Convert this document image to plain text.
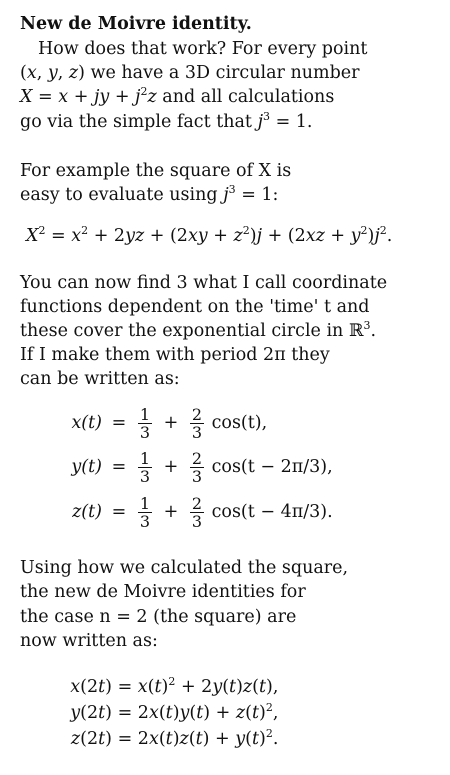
New de Moivre identity.
How does that work? For every point
(x, y, z) we have a 3D circular number
X = x + jy + $j^2z$ and all calculations
go via the simple fact that $j^3 = 1$.
For example the square of X is
easy to evaluate using $j^3 = 1$:
$X^2 = x^2 + 2yz + (2xy + z^2)j + (2xz + y^2)j^2$.
You can now find 3 what I call coordinate
functions dependent on the 'time' t and
these cover the exponential circle in ℝ$^3$.
If I make them with period 2π they
can be written as:
$x(t) = \frac{1}{3} + \frac{2}{3} \cos(t)$,
$y(t) = \frac{1}{3} + \frac{2}{3} \cos(t - 2\pi/3)$,
$z(t) = \frac{1}{3} + \frac{2}{3} \cos(t - 4\pi/3)$.
Using how we calculated the square,
the new de Moivre identities for
the case n = 2 (the square) are
now written as:
$x(2t) = x(t)^2 + 2y(t)z(t)$,
$y(2t) = 2x(t)y(t) + z(t)^2$,
$z(2t) = 2x(t)z(t) + y(t)^2$.
